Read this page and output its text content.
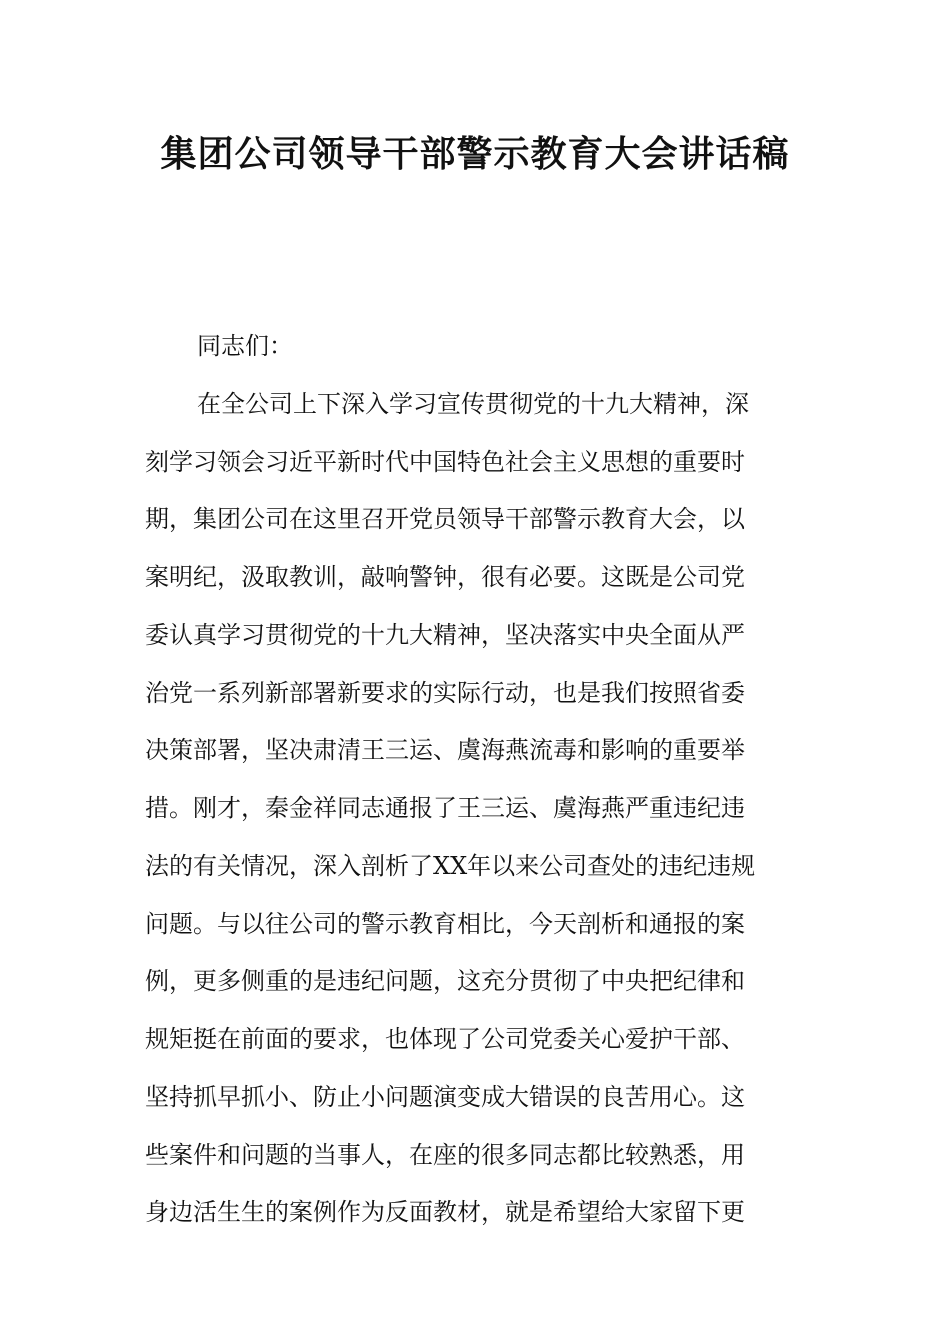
集团公司领导干部警示教育大会讲话稿
同志们：
在全公司上下深入学习宣传贯彻党的十九大精神，深
刻学习领会习近平新时代中国特色社会主义思想的重要时
期，集团公司在这里召开党员领导干部警示教育大会，以
案明纪，汲取教训，敲响警钟，很有必要。这既是公司党
委认真学习贯彻党的十九大精神，坚决落实中央全面从严
治党一系列新部署新要求的实际行动，也是我们按照省委
决策部署，坚决肃清王三运、虞海燕流毒和影响的重要举
措。刚才，秦金祥同志通报了王三运、虞海燕严重违纪违
法的有关情况，深入剖析了XX年以来公司查处的违纪违规
问题。与以往公司的警示教育相比，今天剖析和通报的案
例，更多侧重的是违纪问题，这充分贯彻了中央把纪律和
规矩挺在前面的要求，也体现了公司党委关心爱护干部、
坚持抓早抓小、防止小问题演变成大错误的良苦用心。这
些案件和问题的当事人，在座的很多同志都比较熟悉，用
身边活生生的案例作为反面教材，就是希望给大家留下更
